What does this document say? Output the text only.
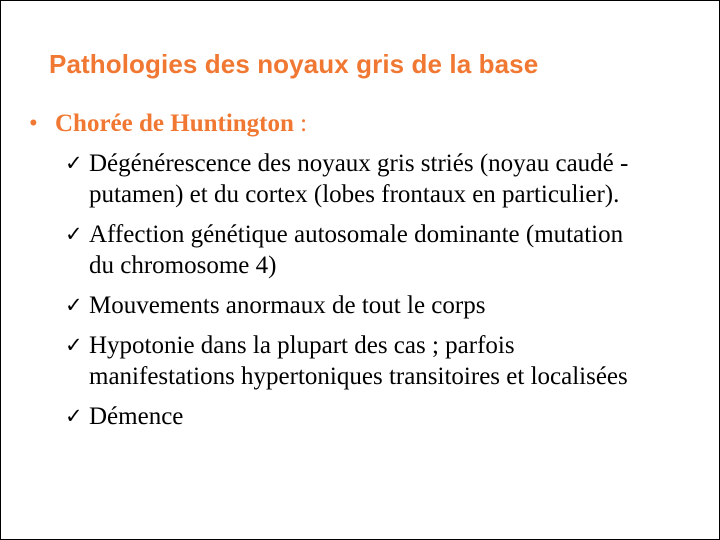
Pathologies des noyaux gris de la base
• Chorée de Huntington :
✓ Dégénérescence des noyaux gris striés (noyau caudé -
putamen) et du cortex (lobes frontaux en particulier).
✓ Affection génétique autosomale dominante (mutation
du chromosome 4)
✓ Mouvements anormaux de tout le corps
✓ Hypotonie dans la plupart des cas ; parfois
manifestations hypertoniques transitoires et localisées
✓ Démence
